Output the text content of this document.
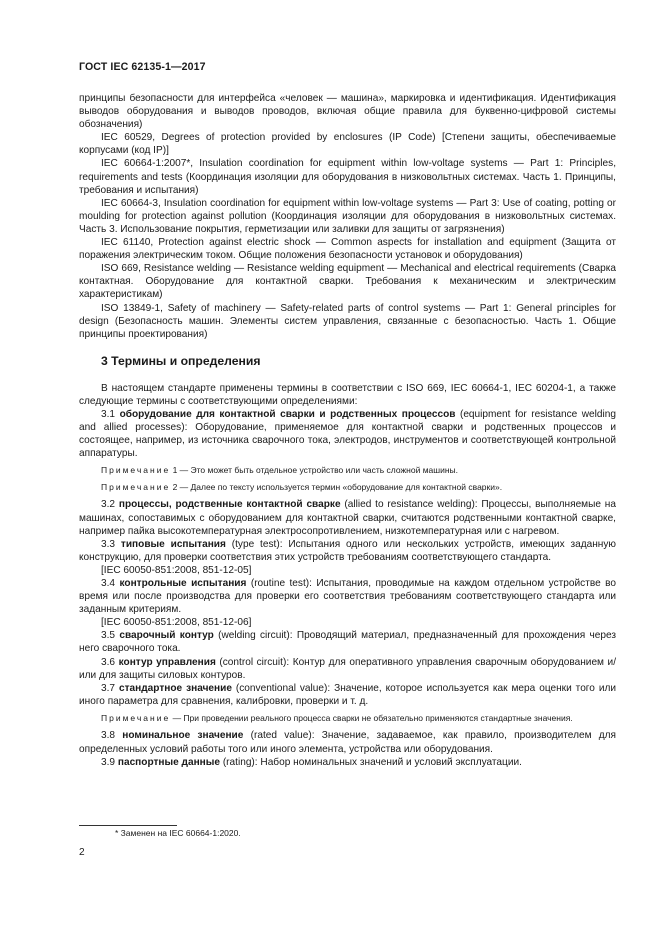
ГОСТ IEC 62135-1—2017

принципы безопасности для интерфейса «человек — машина», маркировка и идентификация. Идентификация выводов оборудования и выводов проводов, включая общие правила для буквенно-цифровой системы обозначения)

IEC 60529, Degrees of protection provided by enclosures (IP Code) [Степени защиты, обеспечиваемые корпусами (код IP)]

IEC 60664-1:2007*, Insulation coordination for equipment within low-voltage systems — Part 1: Principles, requirements and tests (Координация изоляции для оборудования в низковольтных системах. Часть 1. Принципы, требования и испытания)

IEC 60664-3, Insulation coordination for equipment within low-voltage systems — Part 3: Use of coating, potting or moulding for protection against pollution (Координация изоляции для оборудования в низковольтных системах. Часть 3. Использование покрытия, герметизации или заливки для защиты от загрязнения)

IEC 61140, Protection against electric shock — Common aspects for installation and equipment (Защита от поражения электрическим током. Общие положения безопасности установок и оборудования)

ISO 669, Resistance welding — Resistance welding equipment — Mechanical and electrical requirements (Сварка контактная. Оборудование для контактной сварки. Требования к механическим и электрическим характеристикам)

ISO 13849-1, Safety of machinery — Safety-related parts of control systems — Part 1: General principles for design (Безопасность машин. Элементы систем управления, связанные с безопасностью. Часть 1. Общие принципы проектирования)

3 Термины и определения

В настоящем стандарте применены термины в соответствии с ISO 669, IEC 60664-1, IEC 60204-1, а также следующие термины с соответствующими определениями:

3.1 оборудование для контактной сварки и родственных процессов (equipment for resistance welding and allied processes): Оборудование, применяемое для контактной сварки и родственных процессов и состоящее, например, из источника сварочного тока, электродов, инструментов и соответствующей контрольной аппаратуры.

Примечание 1 — Это может быть отдельное устройство или часть сложной машины.

Примечание 2 — Далее по тексту используется термин «оборудование для контактной сварки».

3.2 процессы, родственные контактной сварке (allied to resistance welding): Процессы, выполняемые на машинах, сопоставимых с оборудованием для контактной сварки, считаются родственными контактной сварке, например пайка высокотемпературная электросопротивлением, низкотемпературная или с нагревом.

3.3 типовые испытания (type test): Испытания одного или нескольких устройств, имеющих заданную конструкцию, для проверки соответствия этих устройств требованиям соответствующего стандарта.

[IEC 60050-851:2008, 851-12-05]

3.4 контрольные испытания (routine test): Испытания, проводимые на каждом отдельном устройстве во время или после производства для проверки его соответствия требованиям соответствующего стандарта или заданным критериям.

[IEC 60050-851:2008, 851-12-06]

3.5 сварочный контур (welding circuit): Проводящий материал, предназначенный для прохождения через него сварочного тока.

3.6 контур управления (control circuit): Контур для оперативного управления сварочным оборудованием и/или для защиты силовых контуров.

3.7 стандартное значение (conventional value): Значение, которое используется как мера оценки того или иного параметра для сравнения, калибровки, проверки и т. д.

Примечание — При проведении реального процесса сварки не обязательно применяются стандартные значения.

3.8 номинальное значение (rated value): Значение, задаваемое, как правило, производителем для определенных условий работы того или иного элемента, устройства или оборудования.

3.9 паспортные данные (rating): Набор номинальных значений и условий эксплуатации.

* Заменен на IEC 60664-1:2020.
2
